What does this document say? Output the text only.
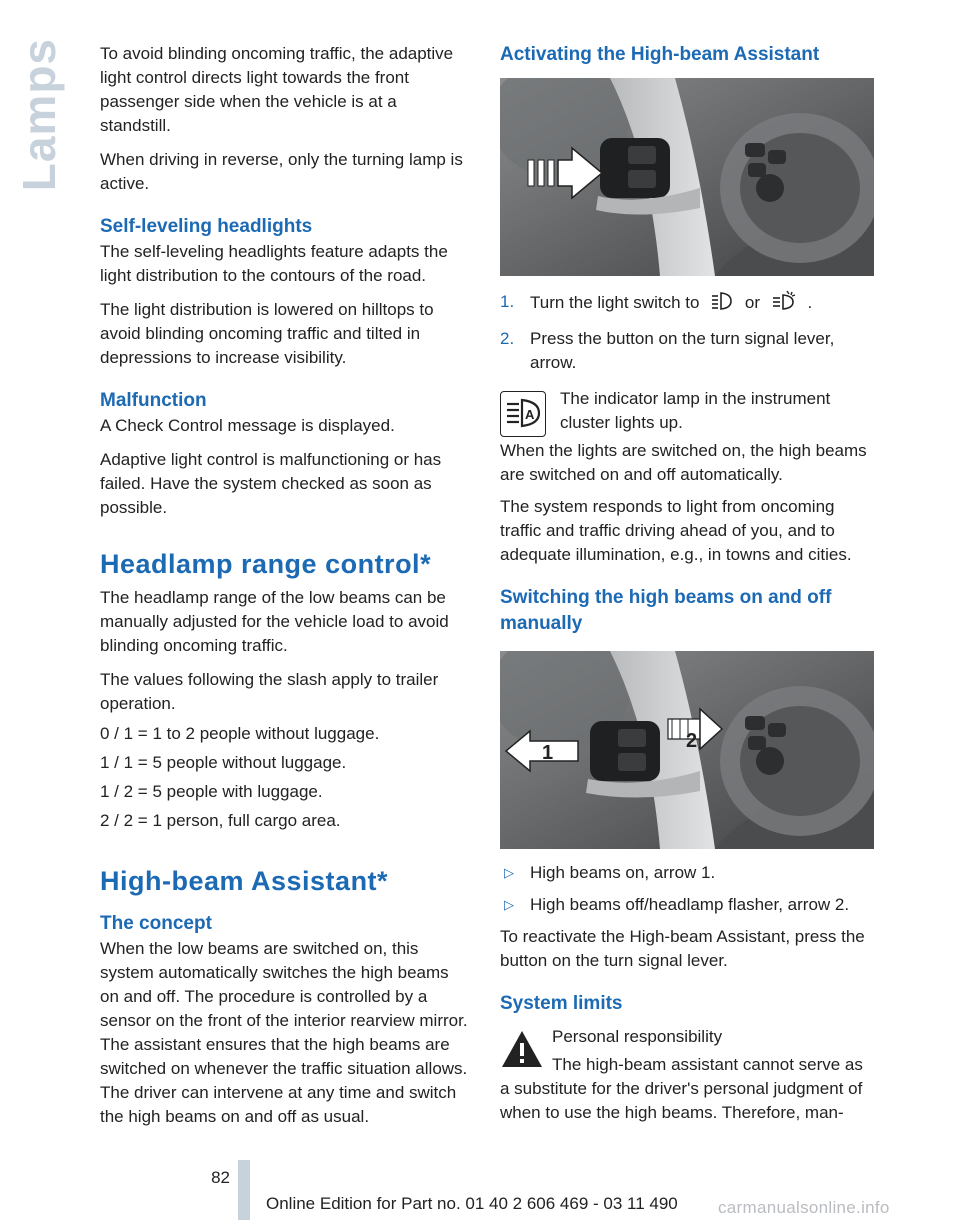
Lamps To avoid blinding oncoming traffic, the adaptive light control directs light towards the front passenger side when the vehicle is at a standstill.

When driving in reverse, only the turning lamp is active.

Self-leveling headlights

The self-leveling headlights feature adapts the light distribution to the contours of the road.

The light distribution is lowered on hilltops to avoid blinding oncoming traffic and tilted in depressions to increase visibility.

Malfunction

A Check Control message is displayed.

Adaptive light control is malfunctioning or has failed. Have the system checked as soon as possible.

Headlamp range control*

The headlamp range of the low beams can be manually adjusted for the vehicle load to avoid blinding oncoming traffic.

The values following the slash apply to trailer operation.

0 / 1 = 1 to 2 people without luggage.

1 / 1 = 5 people without luggage.

1 / 2 = 5 people with luggage.

2 / 2 = 1 person, full cargo area.

High-beam Assistant*
The concept

When the low beams are switched on, this system automatically switches the high beams on and off. The procedure is controlled by a sensor on the front of the interior rearview mirror. The assistant ensures that the high beams are switched on whenever the traffic situation allows. The driver can intervene at any time and switch the high beams on and off as usual.

Activating the High-beam Assistant
1. Turn the light switch to	or	.
2. Press the button on the turn signal lever, arrow.
A

The indicator lamp in the instrument cluster lights up.

When the lights are switched on, the high beams are switched on and off automatically.

The system responds to light from oncoming traffic and traffic driving ahead of you, and to adequate illumination, e.g., in towns and cities.

Switching the high beams on and off manually
1
2
▷ High beams on, arrow 1.
▷ High beams off/headlamp flasher, arrow 2.

To reactivate the High-beam Assistant, press the button on the turn signal lever.

System limits

Personal responsibility

The high-beam assistant cannot serve as a substitute for the driver's personal judgment of when to use the high beams. Therefore, man-

82
Online Edition for Part no. 01 40 2 606 469 - 03 11 490 carmanualsonline.info
